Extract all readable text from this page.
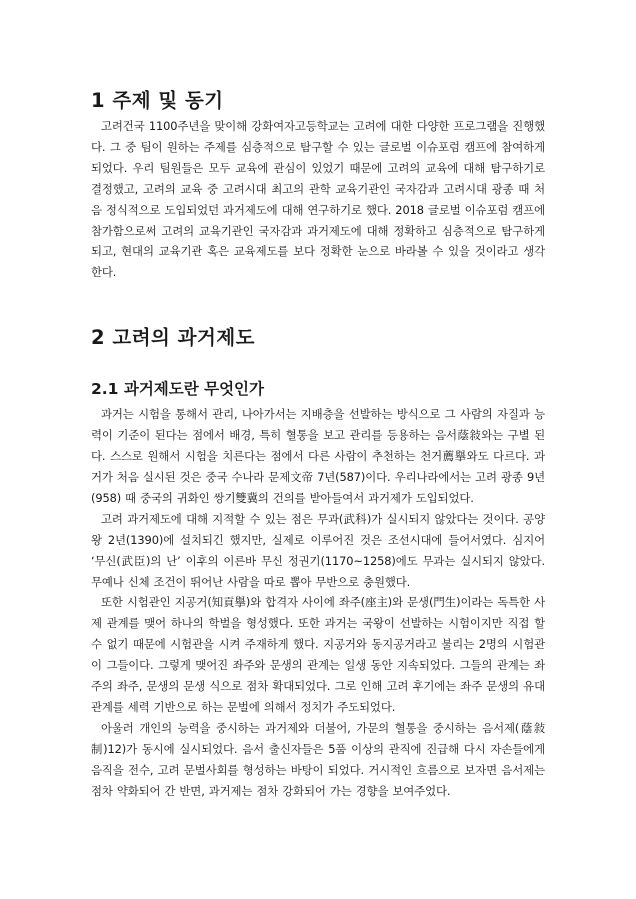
1 주제 및 동기

고려건국 1100주년을 맞이해 강화여자고등학교는 고려에 대한 다양한 프로그램을 진행했다. 그 중 팀이 원하는 주제를 심층적으로 탐구할 수 있는 글로벌 이슈포럼 캠프에 참여하게 되었다. 우리 팀원들은 모두 교육에 관심이 있었기 때문에 고려의 교육에 대해 탐구하기로 결정했고, 고려의 교육 중 고려시대 최고의 관학 교육기관인 국자감과 고려시대 광종 때 처음 정식적으로 도입되었던 과거제도에 대해 연구하기로 했다. 2018 글로벌 이슈포럼 캠프에 참가함으로써 고려의 교육기관인 국자감과 과거제도에 대해 정확하고 심층적으로 탐구하게 되고, 현대의 교육기관 혹은 교육제도를 보다 정확한 눈으로 바라볼 수 있을 것이라고 생각한다.

2 고려의 과거제도
2.1 과거제도란 무엇인가

과거는 시험을 통해서 관리, 나아가서는 지배층을 선발하는 방식으로 그 사람의 자질과 능력이 기준이 된다는 점에서 배경, 특히 혈통을 보고 관리를 등용하는 음서蔭敍와는 구별 된다. 스스로 원해서 시험을 치른다는 점에서 다른 사람이 추천하는 천거薦擧와도 다르다. 과거가 처음 실시된 것은 중국 수나라 문제文帝 7년(587)이다. 우리나라에서는 고려 광종 9년(958) 때 중국의 귀화인 쌍기雙冀의 건의를 받아들여서 과거제가 도입되었다.

고려 과거제도에 대해 지적할 수 있는 점은 무과(武科)가 실시되지 않았다는 것이다. 공양왕 2년(1390)에 설치되긴 했지만, 실제로 이루어진 것은 조선시대에 들어서였다. 심지어 ‘무신(武臣)의 난’ 이후의 이른바 무신 정권기(1170~1258)에도 무과는 실시되지 않았다. 무예나 신체 조건이 뛰어난 사람을 따로 뽑아 무반으로 충원했다.

또한 시험관인 지공거(知貢擧)와 합격자 사이에 좌주(座主)와 문생(門生)이라는 독특한 사제 관계를 맺어 하나의 학벌을 형성했다. 또한 과거는 국왕이 선발하는 시험이지만 직접 할 수 없기 때문에 시험관을 시켜 주재하게 했다. 지공거와 동지공거라고 불리는 2명의 시험관이 그들이다. 그렇게 맺어진 좌주와 문생의 관계는 일생 동안 지속되었다. 그들의 관계는 좌주의 좌주, 문생의 문생 식으로 점차 확대되었다. 그로 인해 고려 후기에는 좌주 문생의 유대 관계를 세력 기반으로 하는 문벌에 의해서 정치가 주도되었다.

아울러 개인의 능력을 중시하는 과거제와 더불어, 가문의 혈통을 중시하는 음서제(蔭敍制)12)가 동시에 실시되었다. 음서 출신자들은 5품 이상의 관직에 진급해 다시 자손들에게 음직을 전수, 고려 문벌사회를 형성하는 바탕이 되었다. 거시적인 흐름으로 보자면 음서제는 점차 약화되어 간 반면, 과거제는 점차 강화되어 가는 경향을 보여주었다.
